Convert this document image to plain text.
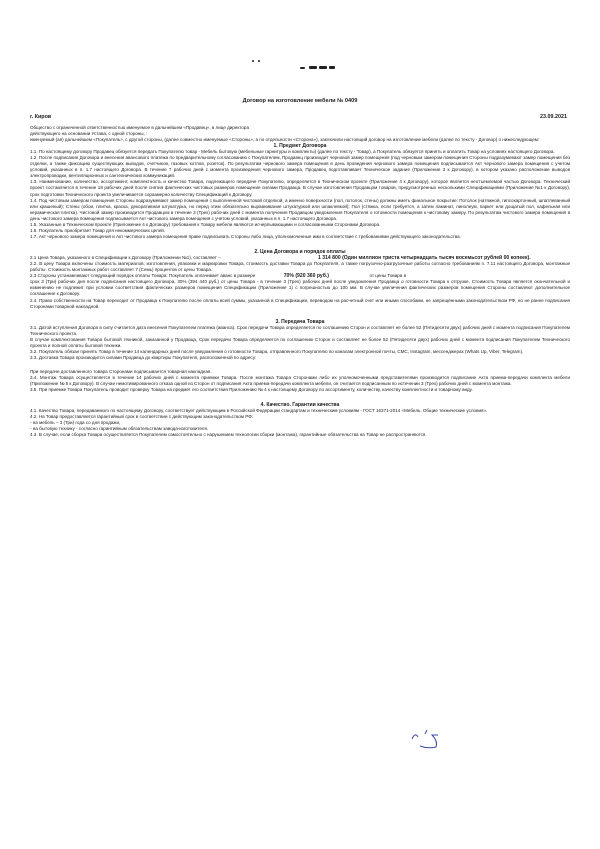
Договор на изготовление мебели № 0409
г. Киров	23.09.2021

Общество с ограниченной ответственностью именуемое в дальнейшем «Продавец», в лице директора

действующего на основании Устава, с одной стороны, :

именуемый (ая) дальнейшем «Покупатель», с другой стороны, (далее совместно именуемые «Стороны», а по отдельности «Сторона»), заключили настоящий договор на изготовление мебели (далее по тексту - Договор) о нижеследующем:

1. Предмет Договора

1.1. По настоящему договору Продавец обязуется передать Покупателю товар - Мебель бытовую (мебельные гарнитуры и комплекты) (далее по тексту - Товар), а Покупатель обязуется принять и оплатить Товар на условиях настоящего Договора.

1.2. После подписания Договора и внесения авансового платежа по предварительному согласованию с Покупателем, Продавец производит черновой замер помещения (под черновым замером помещения Стороны подразумевают замер помещения без отделки, а также фиксацию существующих выводов, счетчиков, газовых котлов, розеток). По результатам чернового замера помещения в день проведения чернового замера помещения подписывается Акт чернового замера помещения с учетом условий, указанных в п. 1.7 настоящего Договора. В течение 7 рабочих дней с момента произведения чернового замера, Продавец подготавливает Техническое задание (Приложение 3 к Договору), в котором указано расположение выводов электропроводки, вентиляционных и сантехнических коммуникаций.

1.3. Наименование, количество, ассортимент, комплектность и качество Товара, подлежащего передаче Покупателю, определяется в Техническом проекте (Приложение 4 к Договору), которое является неотъемлемой частью Договора. Технический проект составляется в течение 18 рабочих дней после снятия фактических чистовых размеров помещения силами Продавца. В случае изготовления Продавцом товаров, предусмотренных несколькими Спецификациями (Приложение №1 к Договору), срок подготовки Технического проекта увеличивается соразмерно количеству Спецификаций к Договору.

1.4. Под чистовым замером помещения Стороны подразумевают замер помещения с выполненной чистовой отделкой, а именно поверхности (пол, потолок, стены) должны иметь финальное покрытие: Потолок (натяжной, гипсокартонный, шпатлеванный или крашеный); Стены (обои, плитка, краска, декоративная штукатурка, но перед этим обязательно выравнивание штукатуркой или шпаклевкой); Пол (стяжка, если требуется, а затем ламинат, линолеум, паркет или дощатый пол, кафельная или керамическая плитка). Чистовой замер производится Продавцом в течение 3 (Трех) рабочих дней с момента получения Продавцом уведомления Покупателя о готовности помещения к чистовому замеру. По результатам чистового замера помещения в день чистового замера помещения подписывается Акт чистового замера помещения с учетом условий, указанных в п. 1.7 настоящего Договора.

1.5. Указанные в Техническом проекте (Приложение 4 к Договору) требования к Товару мебели являются исчерпывающими и согласованными Сторонами Договора.

1.6. Покупатель приобретает Товар для некоммерческих целей.

1.7. Акт чернового замера помещения и Акт чистового замера помещения праве подписывать Стороны либо лица, уполномоченные ими в соответствие с требованиями действующего законодательства.

2. Цена Договора и порядок оплаты

2.1 Цена Товара, указанного в Спецификации к Договору (Приложении №1), составляет –	1 314 800 (Один миллион триста четырнадцать тысяч восемьсот рублей 00 копеек).

2.2. В цену Товара включены стоимость материалов, изготовления, упаковки и маркировки Товара, стоимость доставки Товара до Покупателя, а также погрузочно-разгрузочные работы согласно требованиям п. 7.11 настоящего Договора, монтажные работы. Стоимость монтажных работ составляет 7 (Семь) процентов от цены Товара.

2.3.Стороны устанавливают следующий порядок оплаты Товара: Покупатель оплачивает аванс в размере	70% (920 360 руб.)	от цены Товара в

срок 3 (Три) рабочих дня после подписания настоящего Договора, 30% (394 440 руб.) от цены Товара - в течение 3 (Трех) рабочих дней после уведомления Продавца о готовности Товара к отгрузке. Стоимость Товара является окончательной и изменению не подлежит при условии соответствия фактических размеров помещения Спецификации (Приложение 1) с погрешностью до 100 мм. В случае увеличения фактических размеров помещения Стороны составляют дополнительное соглашение к Договору.

2.4. Право собственности на Товар переходит от Продавца к Покупателю после оплаты всей суммы, указанной в Спецификации, переводом на расчетный счет или иными способами, не запрещёнными законодательством РФ, но не ранее подписания Сторонами товарной накладной.

3. Передача Товара

3.1. Датой вступления Договора в силу считается дата внесения Покупателем платежа (аванса). Срок передачи Товара определяется по соглашению Сторон и составляет не более 52 (Пятидесяти двух) рабочих дней с момента подписания Покупателем Технического проекта.

В случае комплектования Товара бытовой техникой, заказанной у Продавца, Срок передачи Товара определяется по соглашению Сторон и составляет не более 52 (Пятидесяти двух) рабочих дней с момента подписания Покупателем Технического проекта и полной оплаты бытовой техники.

3.2. Покупатель обязан принять Товар в течение 14 календарных дней после уведомления о готовности Товара, отправленного Покупателю по каналам электронной почты, СМС, Instagram, мессенджерах (Whats Up, Viber, Telegram).

3.3. Доставка Товара производится силами Продавца до квартиры Покупателя, расположенной по адресу:

При передаче доставленного товара Сторонами подписывается товарная накладная.

3.4. Монтаж Товара осуществляется в течение 14 рабочих дней с момента приемки Товара. После монтажа Товара Сторонами либо их уполномоченными представителями производится подписание Акта приема-передачи комплекта мебели (Приложение № 5 к Договору). В случае немотивированного отказа одной из Сторон от подписания Акта приема-передачи комплекта мебели, он считается подписанным по истечении 3 (Трех) рабочих дней с момента монтажа.

3.5. При приемке Товара Покупатель проводит проверку Товара на предмет его соответствия Приложению № 4 к настоящему Договору по ассортименту, количеству, качеству комплектности и товарному виду.

4. Качество. Гарантии качества

4.1. Качество Товара, передаваемого по настоящему Договору, соответствует действующим в Российской Федерации стандартам и техническим условиям - ГОСТ 16371-2014 «Мебель. Общие технические условия».

4.2. На Товар предоставляется гарантийный срок в соответствии с действующим законодательством РФ:

- на мебель – 3 (Три) года со дня продажи,

- на бытовую технику - согласно гарантийным обязательствам завода-изготовителя.

4.3. В случае, если сборка Товара осуществляется Покупателем самостоятельно с нарушением технологии сборки (монтажа), гарантийные обязательства на Товар не распространяются.
